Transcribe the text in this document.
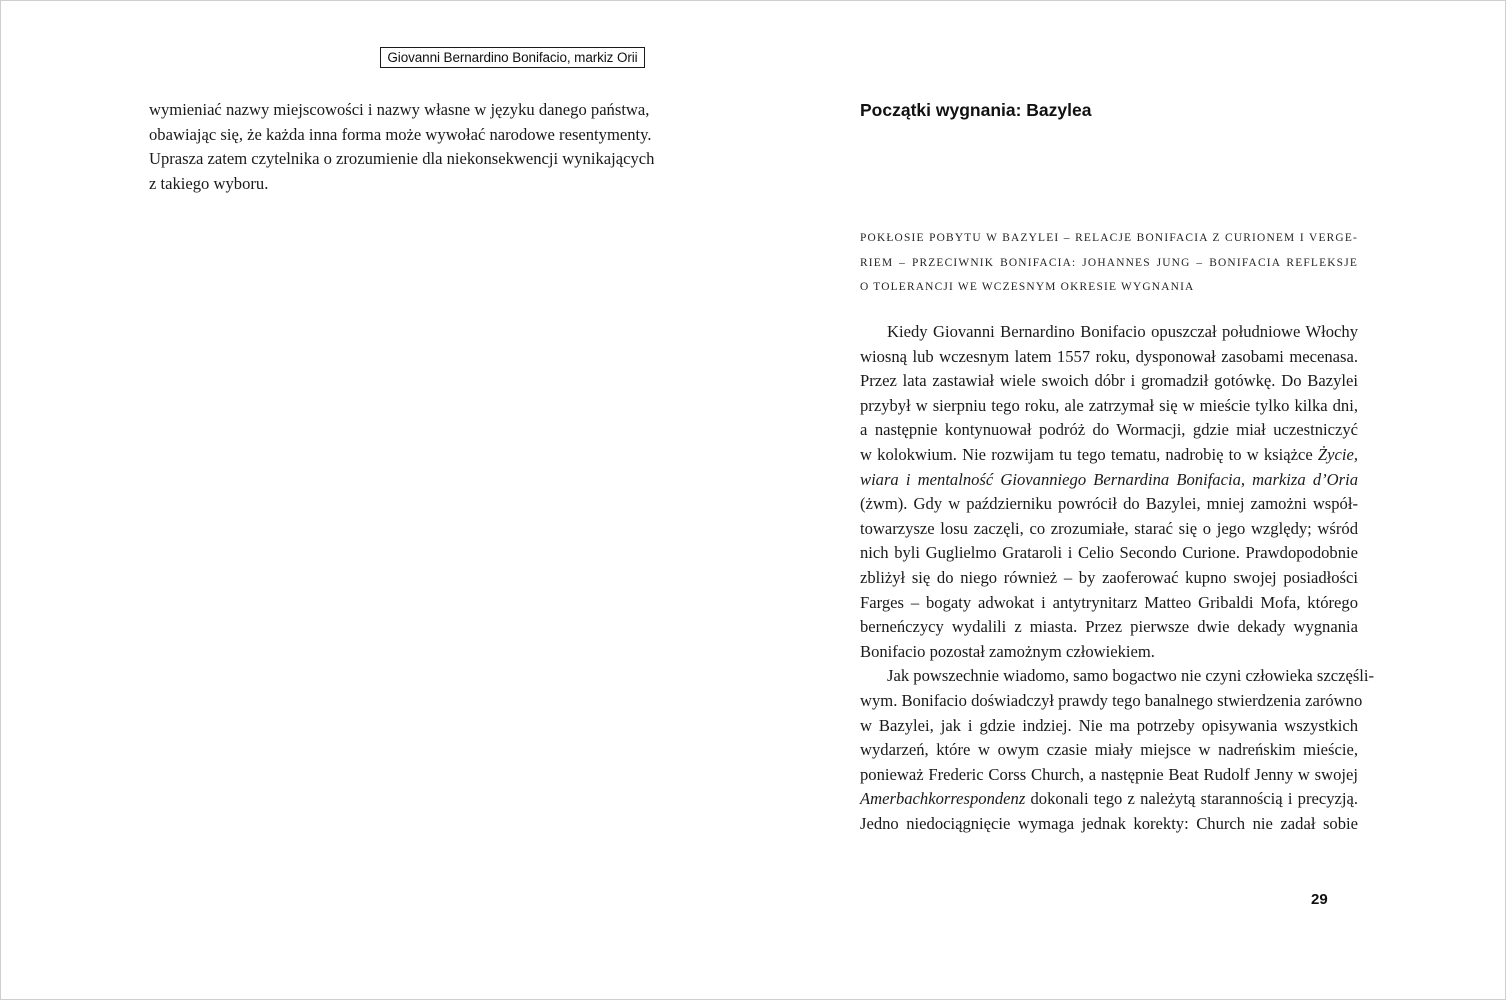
Giovanni Bernardino Bonifacio, markiz Orii
wymieniać nazwy miejscowości i nazwy własne w języku danego państwa,
obawiając się, że każda inna forma może wywołać narodowe resentymenty.
Uprasza zatem czytelnika o zrozumienie dla niekonsekwencji wynikających
z takiego wyboru.
Początki wygnania: Bazylea
POKŁOSIE POBYTU W BAZYLEI – RELACJE BONIFACIA Z CURIONEM I VERGE-
RIEM – PRZECIWNIK BONIFACIA: JOHANNES JUNG – BONIFACIA REFLEKSJE
O TOLERANCJI WE WCZESNYM OKRESIE WYGNANIA
Kiedy Giovanni Bernardino Bonifacio opuszczał południowe Włochy
wiosną lub wczesnym latem 1557 roku, dysponował zasobami mecenasa.
Przez lata zastawiał wiele swoich dóbr i gromadził gotówkę. Do Bazylei
przybył w sierpniu tego roku, ale zatrzymał się w mieście tylko kilka dni,
a następnie kontynuował podróż do Wormacji, gdzie miał uczestniczyć
w kolokwium. Nie rozwijam tu tego tematu, nadrobię to w książce Życie,
wiara i mentalność Giovanniego Bernardina Bonifacia, markiza d’Oria
(żwm). Gdy w październiku powrócił do Bazylei, mniej zamożni współ-
towarzysze losu zaczęli, co zrozumiałe, starać się o jego względy; wśród
nich byli Guglielmo Grataroli i Celio Secondo Curione. Prawdopodobnie
zbliżył się do niego również – by zaoferować kupno swojej posiadłości
Farges – bogaty adwokat i antytrynitarz Matteo Gribaldi Mofa, którego
berneńczycy wydalili z miasta. Przez pierwsze dwie dekady wygnania
Bonifacio pozostał zamożnym człowiekiem.
Jak powszechnie wiadomo, samo bogactwo nie czyni człowieka szczęśli-
wym. Bonifacio doświadczył prawdy tego banalnego stwierdzenia zarówno
w Bazylei, jak i gdzie indziej. Nie ma potrzeby opisywania wszystkich
wydarzeń, które w owym czasie miały miejsce w nadreńskim mieście,
ponieważ Frederic Corss Church, a następnie Beat Rudolf Jenny w swojej
Amerbachkorrespondenz dokonali tego z należytą starannością i precyzją.
Jedno niedociągnięcie wymaga jednak korekty: Church nie zadał sobie
29
